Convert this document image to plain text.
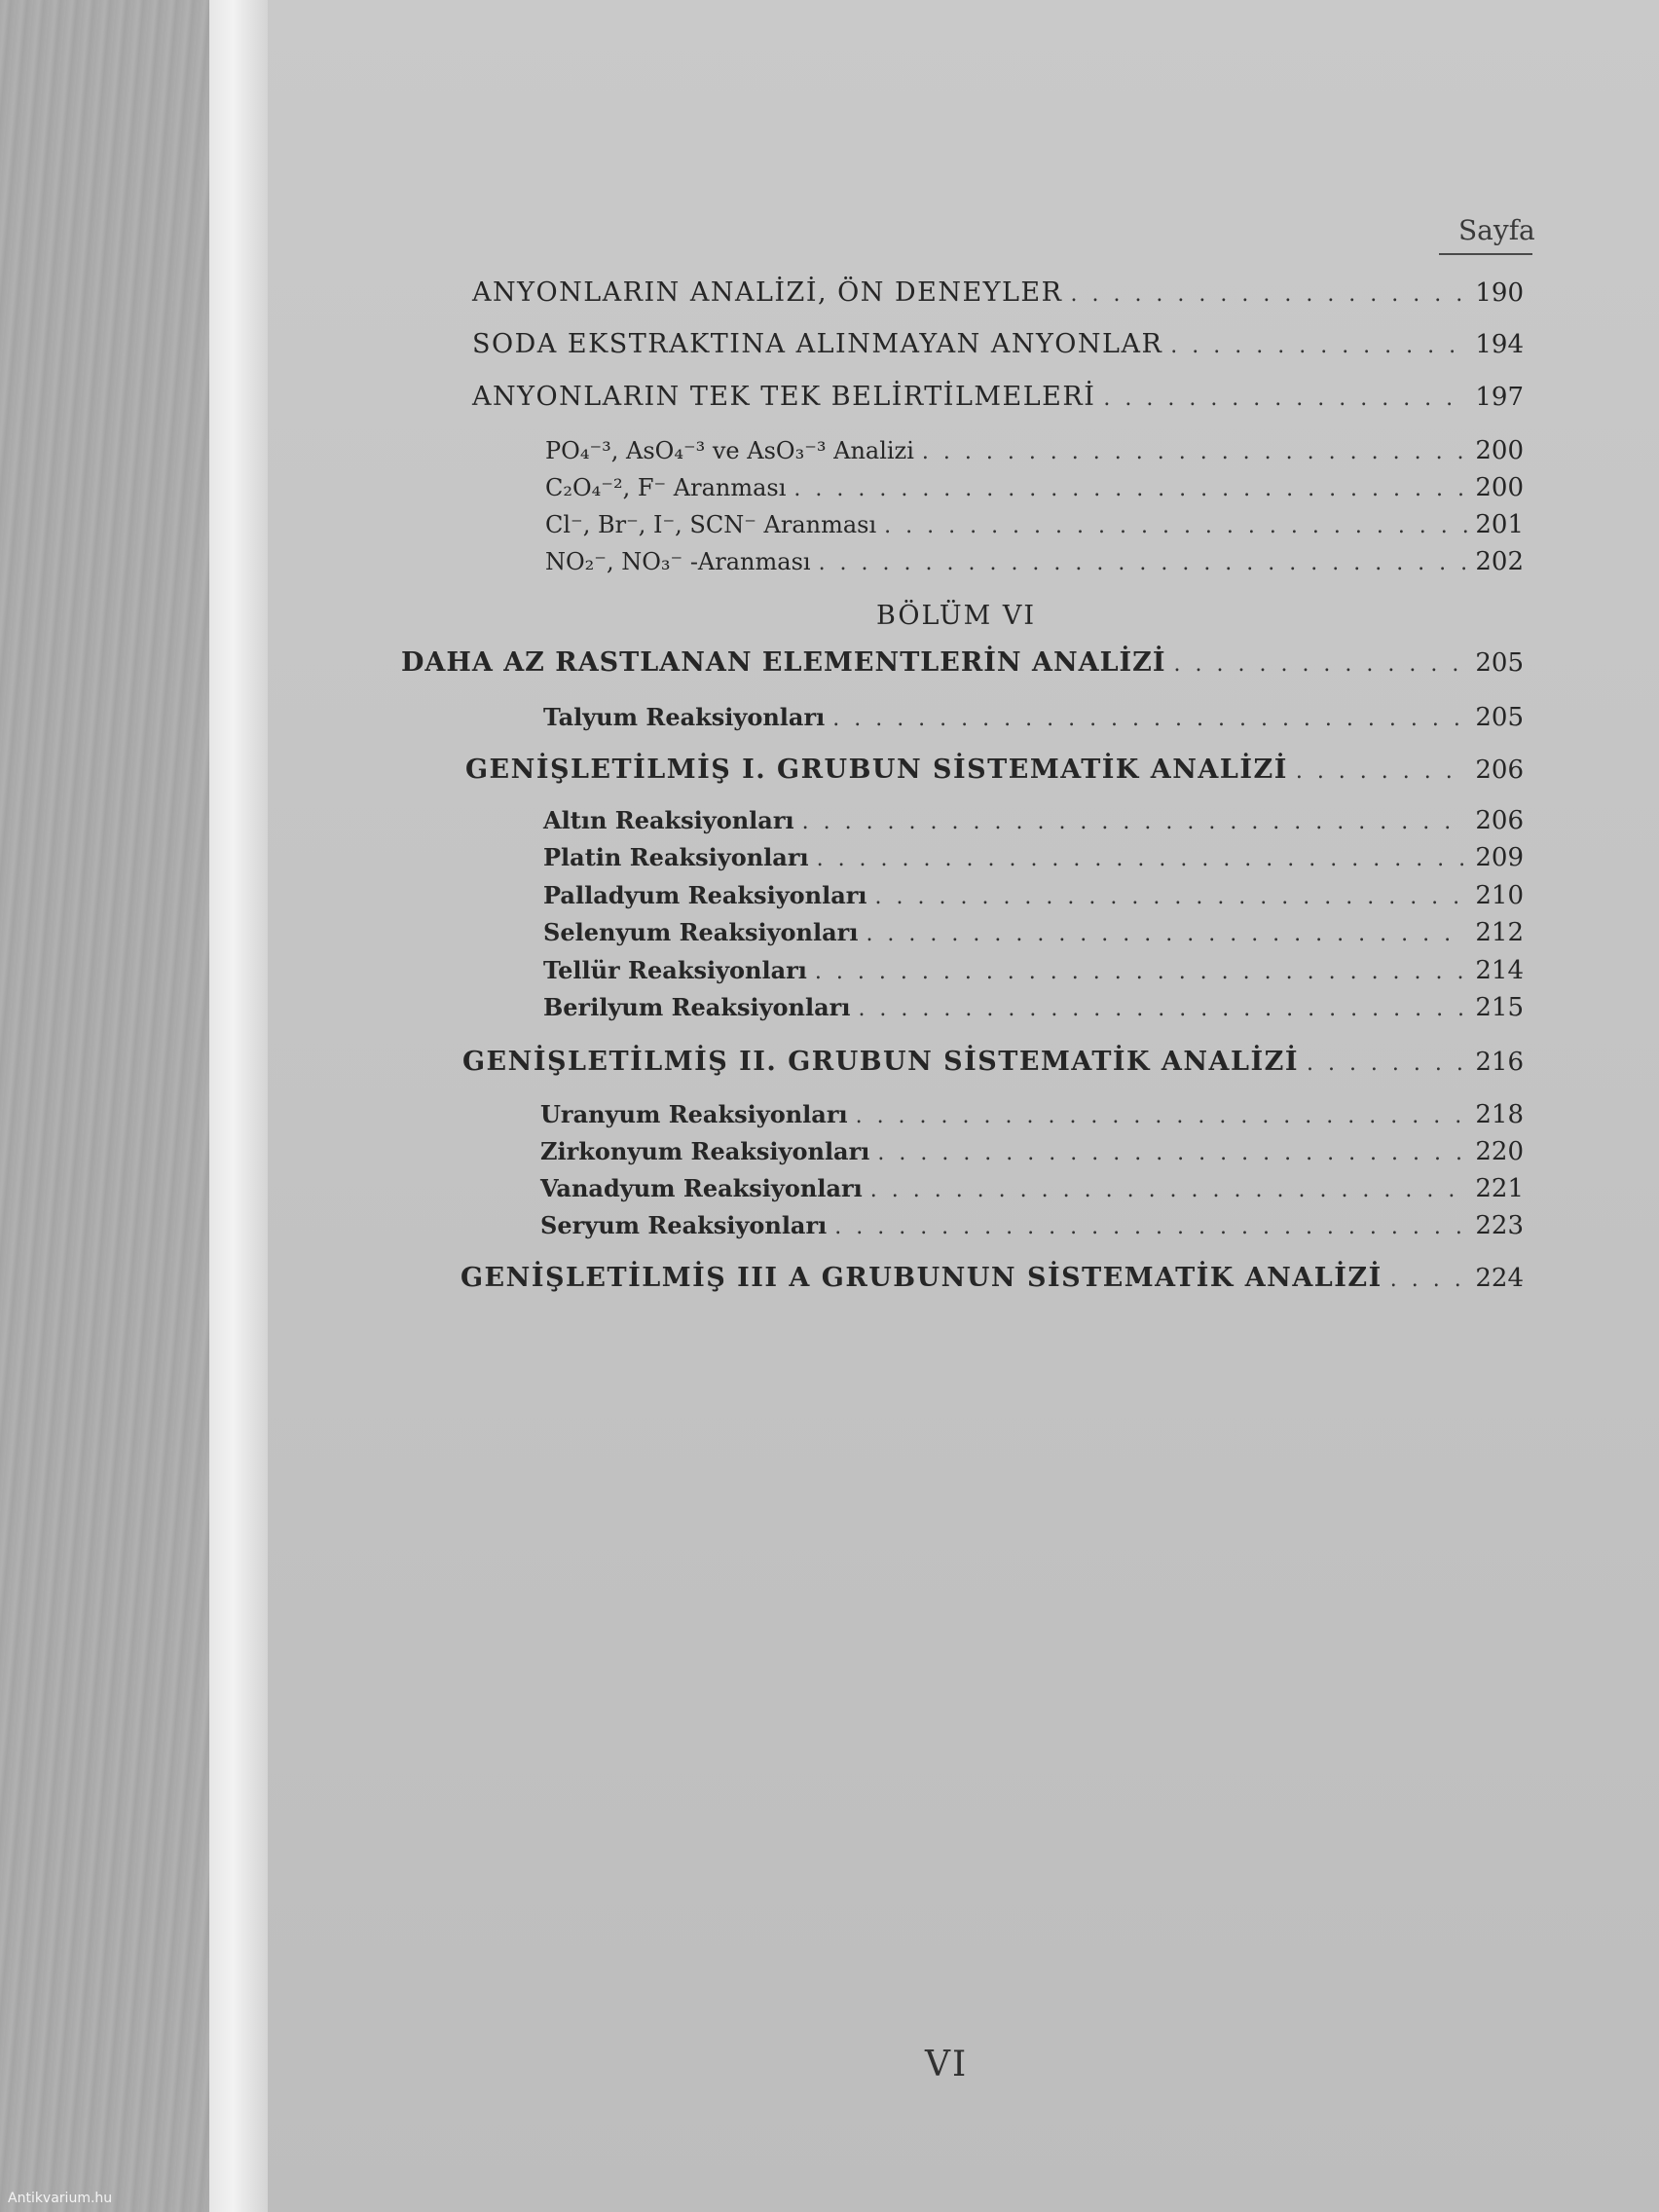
Sayfa
ANYONLARIN ANALİZİ, ÖN DENEYLER . . .	190
SODA EKSTRAKTINA ALINMAYAN ANYONLAR . . .	194
ANYONLARIN TEK TEK BELİRTİLMELERİ . . .	197
PO₄⁻³, AsO₄⁻³ ve AsO₃⁻³ Analizi . . .	200
C₂O₄⁻², F⁻ Aranması . . .	200
Cl⁻, Br⁻, I⁻, SCN⁻ Aranması . . .	201
NO₂⁻, NO₃⁻ -Aranması . . .	202
BÖLÜM VI
DAHA AZ RASTLANAN ELEMENTLERİN ANALİZİ . . .	205
Talyum Reaksiyonları . . .	205
GENİŞLETİLMİŞ I. GRUBUN SİSTEMATİK ANALİZİ . . .	206
Altın Reaksiyonları . . .	206
Platin Reaksiyonları . . .	209
Palladyum Reaksiyonları . . .	210
Selenyum Reaksiyonları . . .	212
Tellür Reaksiyonları . . .	214
Berilyum Reaksiyonları . . .	215
GENİŞLETİLMİŞ II. GRUBUN SİSTEMATİK ANALİZİ . . .	216
Uranyum Reaksiyonları . . .	218
Zirkonyum Reaksiyonları . . .	220
Vanadyum Reaksiyonları . . .	221
Seryum Reaksiyonları . . .	223
GENİŞLETİLMİŞ III A GRUBUNUN SİSTEMATİK ANALİZİ . . .	224
VI
Antikvarium.hu
